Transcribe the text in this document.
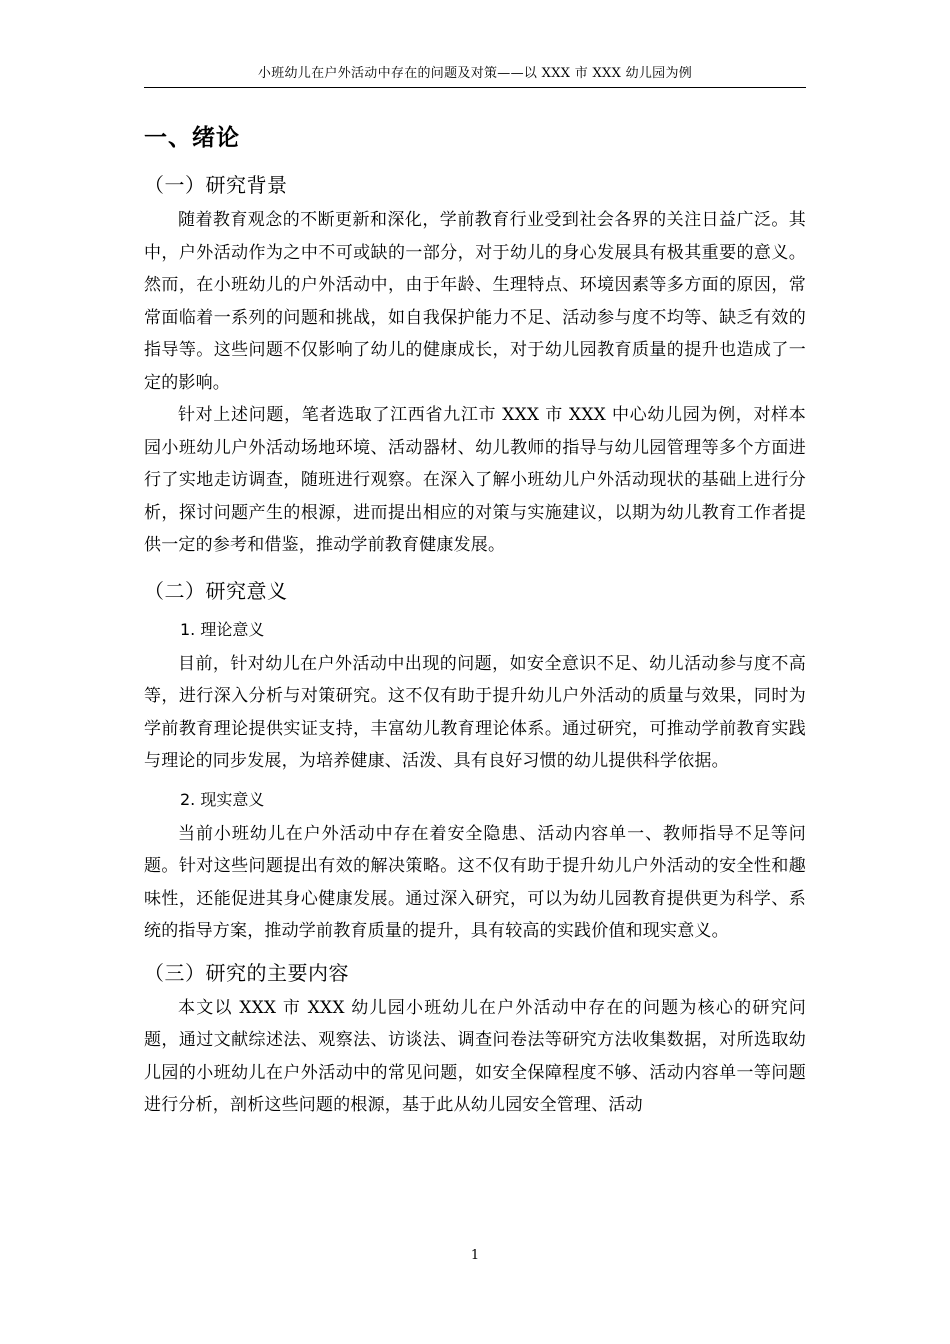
小班幼儿在户外活动中存在的问题及对策——以 XXX 市 XXX 幼儿园为例
一、绪论
（一）研究背景

随着教育观念的不断更新和深化，学前教育行业受到社会各界的关注日益广泛。其中，户外活动作为之中不可或缺的一部分，对于幼儿的身心发展具有极其重要的意义。然而，在小班幼儿的户外活动中，由于年龄、生理特点、环境因素等多方面的原因，常常面临着一系列的问题和挑战，如自我保护能力不足、活动参与度不均等、缺乏有效的指导等。这些问题不仅影响了幼儿的健康成长，对于幼儿园教育质量的提升也造成了一定的影响。

针对上述问题，笔者选取了江西省九江市 XXX 市 XXX 中心幼儿园为例，对样本园小班幼儿户外活动场地环境、活动器材、幼儿教师的指导与幼儿园管理等多个方面进行了实地走访调查，随班进行观察。在深入了解小班幼儿户外活动现状的基础上进行分析，探讨问题产生的根源，进而提出相应的对策与实施建议，以期为幼儿教育工作者提供一定的参考和借鉴，推动学前教育健康发展。

（二）研究意义
1. 理论意义

目前，针对幼儿在户外活动中出现的问题，如安全意识不足、幼儿活动参与度不高等，进行深入分析与对策研究。这不仅有助于提升幼儿户外活动的质量与效果，同时为学前教育理论提供实证支持，丰富幼儿教育理论体系。通过研究，可推动学前教育实践与理论的同步发展，为培养健康、活泼、具有良好习惯的幼儿提供科学依据。

2. 现实意义

当前小班幼儿在户外活动中存在着安全隐患、活动内容单一、教师指导不足等问题。针对这些问题提出有效的解决策略。这不仅有助于提升幼儿户外活动的安全性和趣味性，还能促进其身心健康发展。通过深入研究，可以为幼儿园教育提供更为科学、系统的指导方案，推动学前教育质量的提升，具有较高的实践价值和现实意义。

（三）研究的主要内容

本文以 XXX 市 XXX 幼儿园小班幼儿在户外活动中存在的问题为核心的研究问题，通过文献综述法、观察法、访谈法、调查问卷法等研究方法收集数据，对所选取幼儿园的小班幼儿在户外活动中的常见问题，如安全保障程度不够、活动内容单一等问题进行分析，剖析这些问题的根源，基于此从幼儿园安全管理、活动

1
